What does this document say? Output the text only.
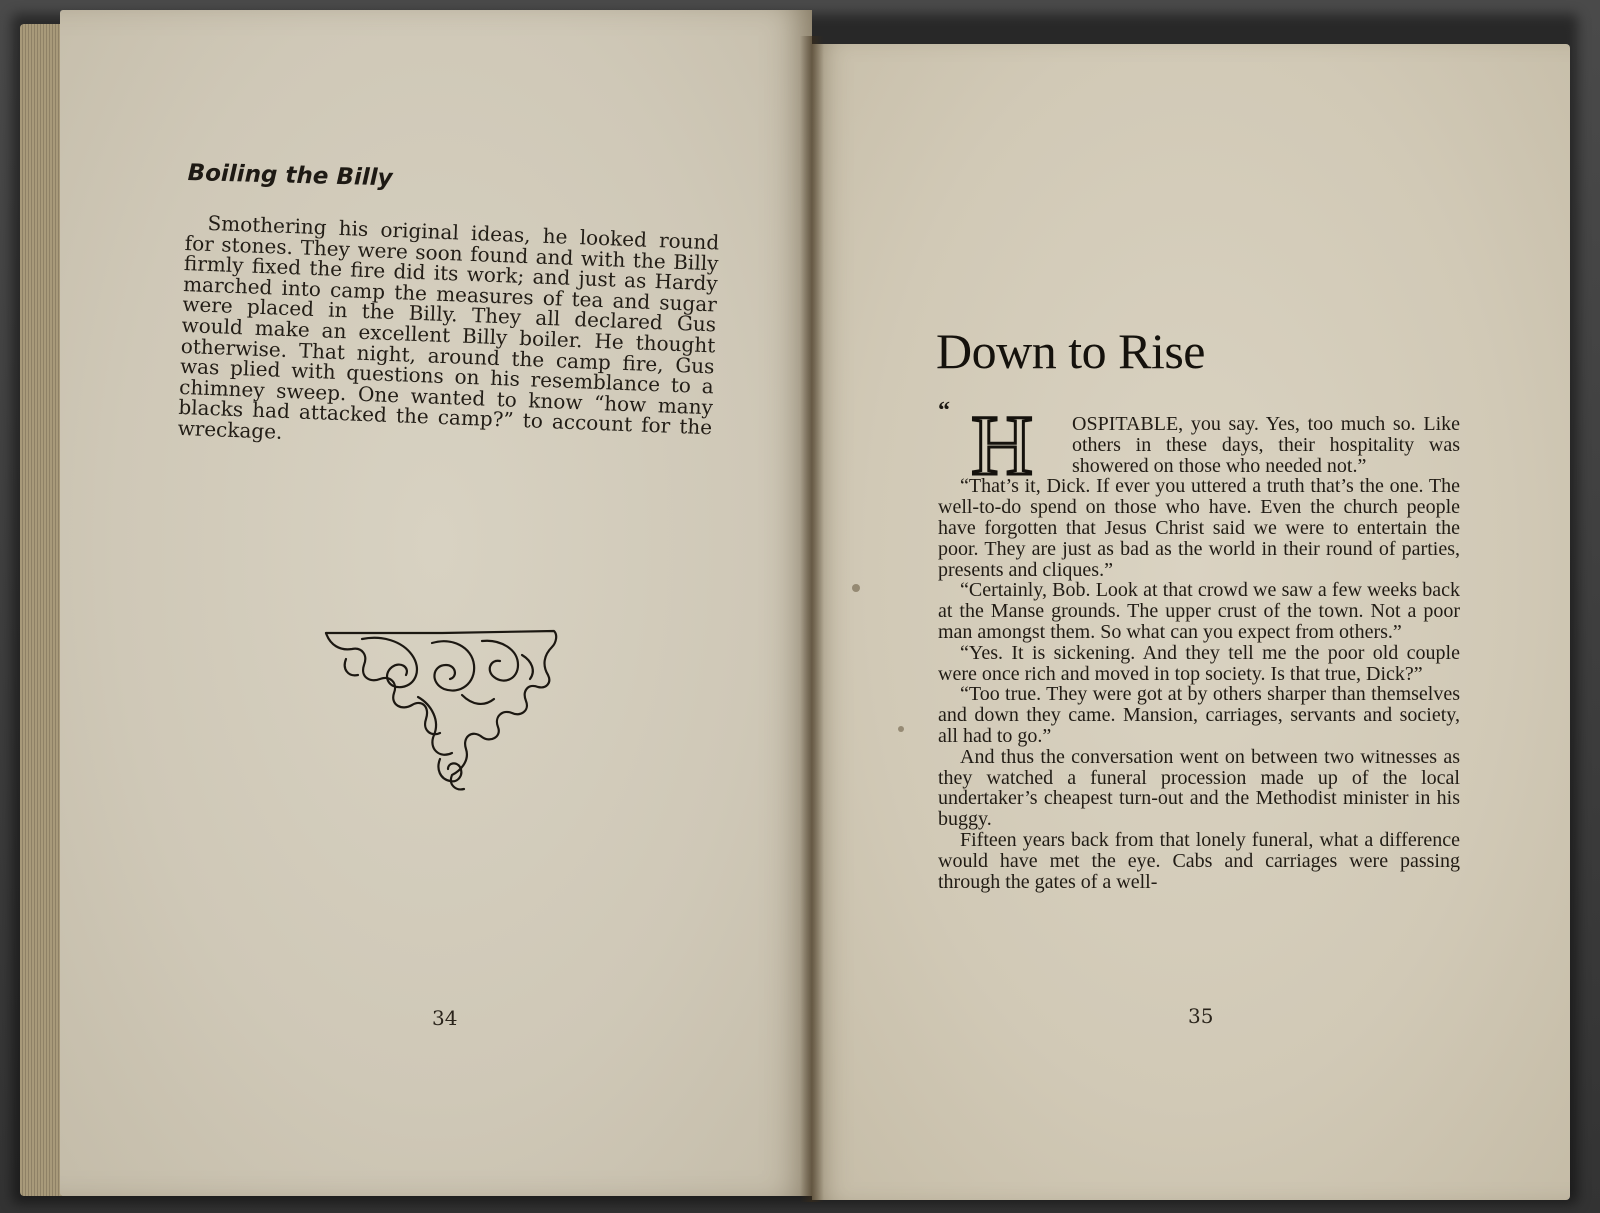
Boiling the Billy

Smothering his original ideas, he looked round for stones. They were soon found and with the Billy firmly fixed the fire did its work; and just as Hardy marched into camp the measures of tea and sugar were placed in the Billy. They all declared Gus would make an excellent Billy boiler. He thought otherwise. That night, around the camp fire, Gus was plied with questions on his resemblance to a chimney sweep. One wanted to know “how many blacks had attacked the camp?” to account for the wreckage.

34
Down to Rise
“ H	OSPITABLE, you say. Yes, too much so. Like others in these days, their hospitality was showered on those who needed not.”

“That’s it, Dick. If ever you uttered a truth that’s the one. The well-to-do spend on those who have. Even the church people have forgotten that Jesus Christ said we were to entertain the poor. They are just as bad as the world in their round of parties, presents and cliques.”

“Certainly, Bob. Look at that crowd we saw a few weeks back at the Manse grounds. The upper crust of the town. Not a poor man amongst them. So what can you expect from others.”

“Yes. It is sickening. And they tell me the poor old couple were once rich and moved in top society. Is that true, Dick?”

“Too true. They were got at by others sharper than themselves and down they came. Mansion, carriages, servants and society, all had to go.”

And thus the conversation went on between two witnesses as they watched a funeral procession made up of the local undertaker’s cheapest turn-out and the Methodist minister in his buggy.

Fifteen years back from that lonely funeral, what a difference would have met the eye. Cabs and carriages were passing through the gates of a well-

35
